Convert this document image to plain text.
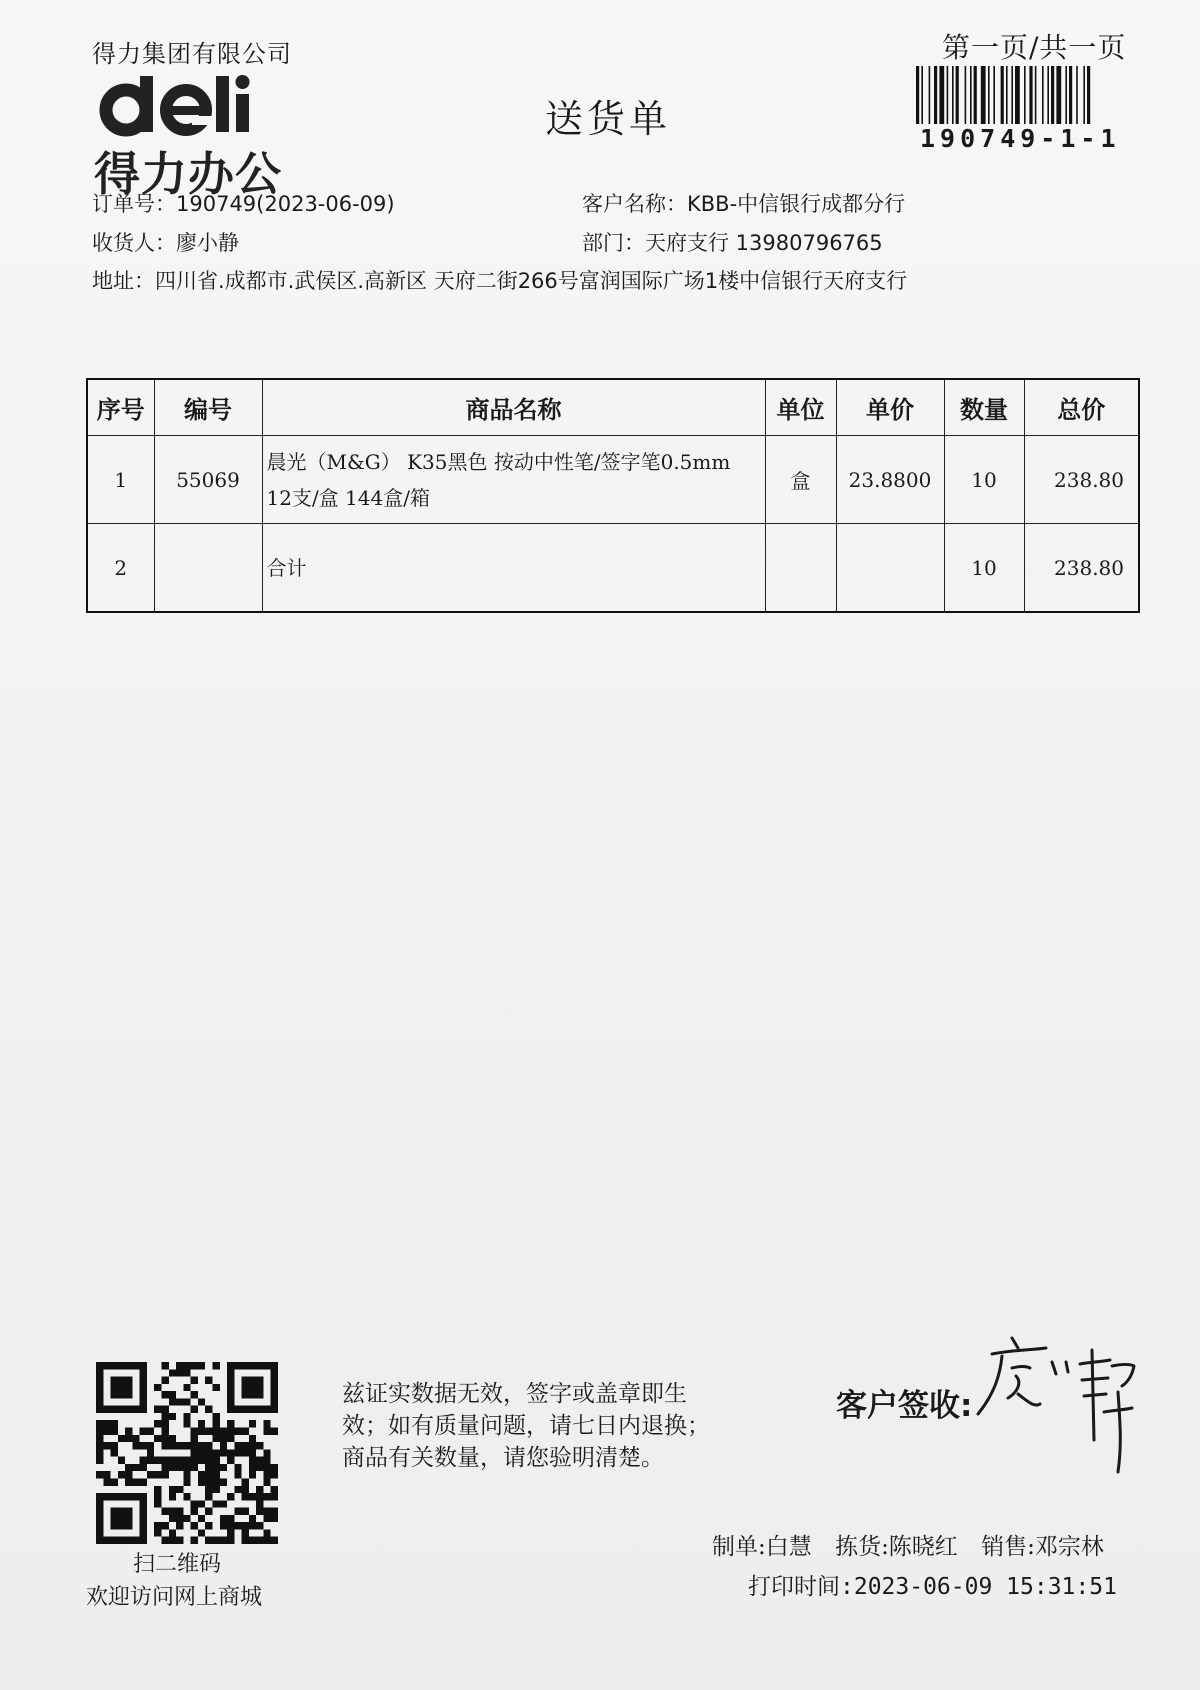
得力集团有限公司
得力办公
第一页/共一页
190749-1-1
送货单
订单号：190749(2023-06-09)	客户名称：KBB-中信银行成都分行
收货人：廖小静	部门：天府支行 13980796765
地址：四川省.成都市.武侯区.高新区 天府二街266号富润国际广场1楼中信银行天府支行
序号	编号	商品名称	单位	单价	数量	总价
1	55069	晨光（M&G） K35黑色 按动中性笔/签字笔0.5mm
12支/盒 144盒/箱	盒	23.8800	10	238.80
2		合计			10	238.80
扫二维码
欢迎访问网上商城
兹证实数据无效，签字或盖章即生
效；如有质量问题，请七日内退换；
商品有关数量，请您验明清楚。
客户签收:
制单:白慧 拣货:陈晓红 销售:邓宗林
打印时间:2023-06-09 15:31:51
